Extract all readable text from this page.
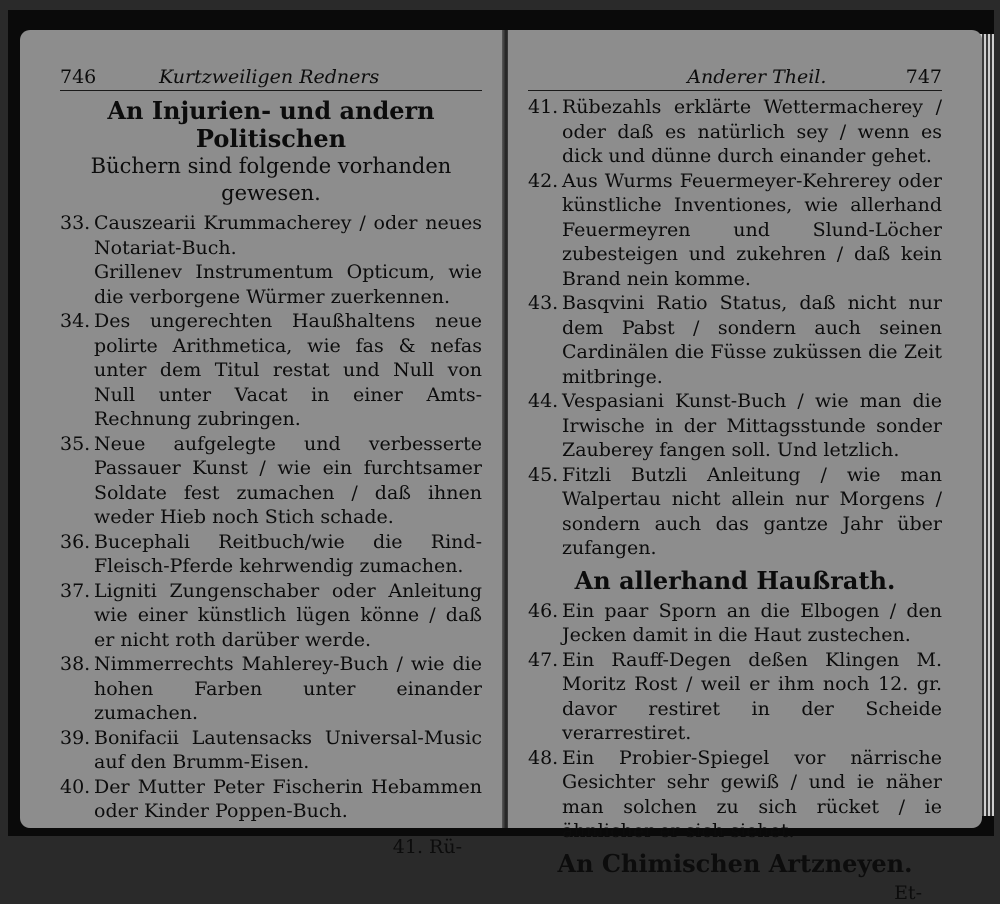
746	Kurtzweiligen Redners
An Injurien- und andern Politischen
Büchern sind folgende vorhanden gewesen.
33. Causzearii Krummacherey / oder neues Notariat-Buch.
Grillenev Instrumentum Opticum, wie die verborgene Würmer zuerkennen.
34. Des ungerechten Haußhaltens neue polirte Arithmetica, wie fas & nefas unter dem Titul restat und Null von Null unter Vacat in einer Amts-Rechnung zubringen.
35. Neue aufgelegte und verbesserte Passauer Kunst / wie ein furchtsamer Soldate fest zumachen / daß ihnen weder Hieb noch Stich schade.
36. Bucephali Reitbuch/wie die Rind-Fleisch-Pferde kehrwendig zumachen.
37. Ligniti Zungenschaber oder Anleitung wie einer künstlich lügen könne / daß er nicht roth darüber werde.
38. Nimmerrechts Mahlerey-Buch / wie die hohen Farben unter einander zumachen.
39. Bonifacii Lautensacks Universal-Music auf den Brumm-Eisen.
40. Der Mutter Peter Fischerin Hebammen oder Kinder Poppen-Buch.
41. Rü-
Anderer Theil.	747
41. Rübezahls erklärte Wettermacherey / oder daß es natürlich sey / wenn es dick und dünne durch einander gehet.
42. Aus Wurms Feuermeyer-Kehrerey oder künstliche Inventiones, wie allerhand Feuermeyren und Slund-Löcher zubesteigen und zukehren / daß kein Brand nein komme.
43. Basqvini Ratio Status, daß nicht nur dem Pabst / sondern auch seinen Cardinälen die Füsse zuküssen die Zeit mitbringe.
44. Vespasiani Kunst-Buch / wie man die Irwische in der Mittagsstunde sonder Zauberey fangen soll. Und letzlich.
45. Fitzli Butzli Anleitung / wie man Walpertau nicht allein nur Morgens / sondern auch das gantze Jahr über zufangen.
An allerhand Haußrath.
46. Ein paar Sporn an die Elbogen / den Jecken damit in die Haut zustechen.
47. Ein Rauff-Degen deßen Klingen M. Moritz Rost / weil er ihm noch 12. gr. davor restiret in der Scheide verarrestiret.
48. Ein Probier-Spiegel vor närrische Gesichter sehr gewiß / und ie näher man solchen zu sich rücket / ie ähnlicher er sich siehet.
An Chimischen Artzneyen.
Et-
